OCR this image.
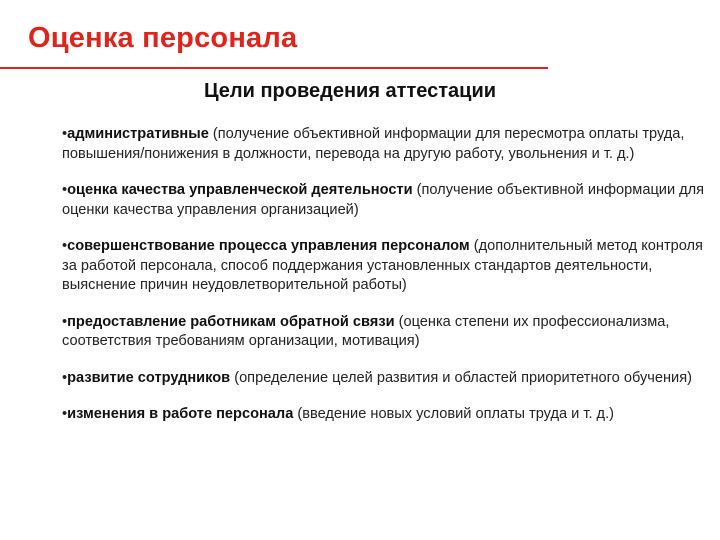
Оценка персонала
Цели проведения аттестации
•административные (получение объективной информации для пересмотра оплаты труда, повышения/понижения в должности, перевода на другую работу, увольнения и т. д.)
•оценка качества управленческой деятельности (получение объективной информации для оценки качества управления организацией)
•совершенствование процесса управления персоналом (дополнительный метод контроля за работой персонала, способ поддержания установленных стандартов деятельности, выяснение причин неудовлетворительной работы)
•предоставление работникам обратной связи (оценка степени их профессионализма, соответствия требованиям организации, мотивация)
•развитие сотрудников (определение целей развития и областей приоритетного обучения)
•изменения в работе персонала (введение новых условий оплаты труда и т. д.)
